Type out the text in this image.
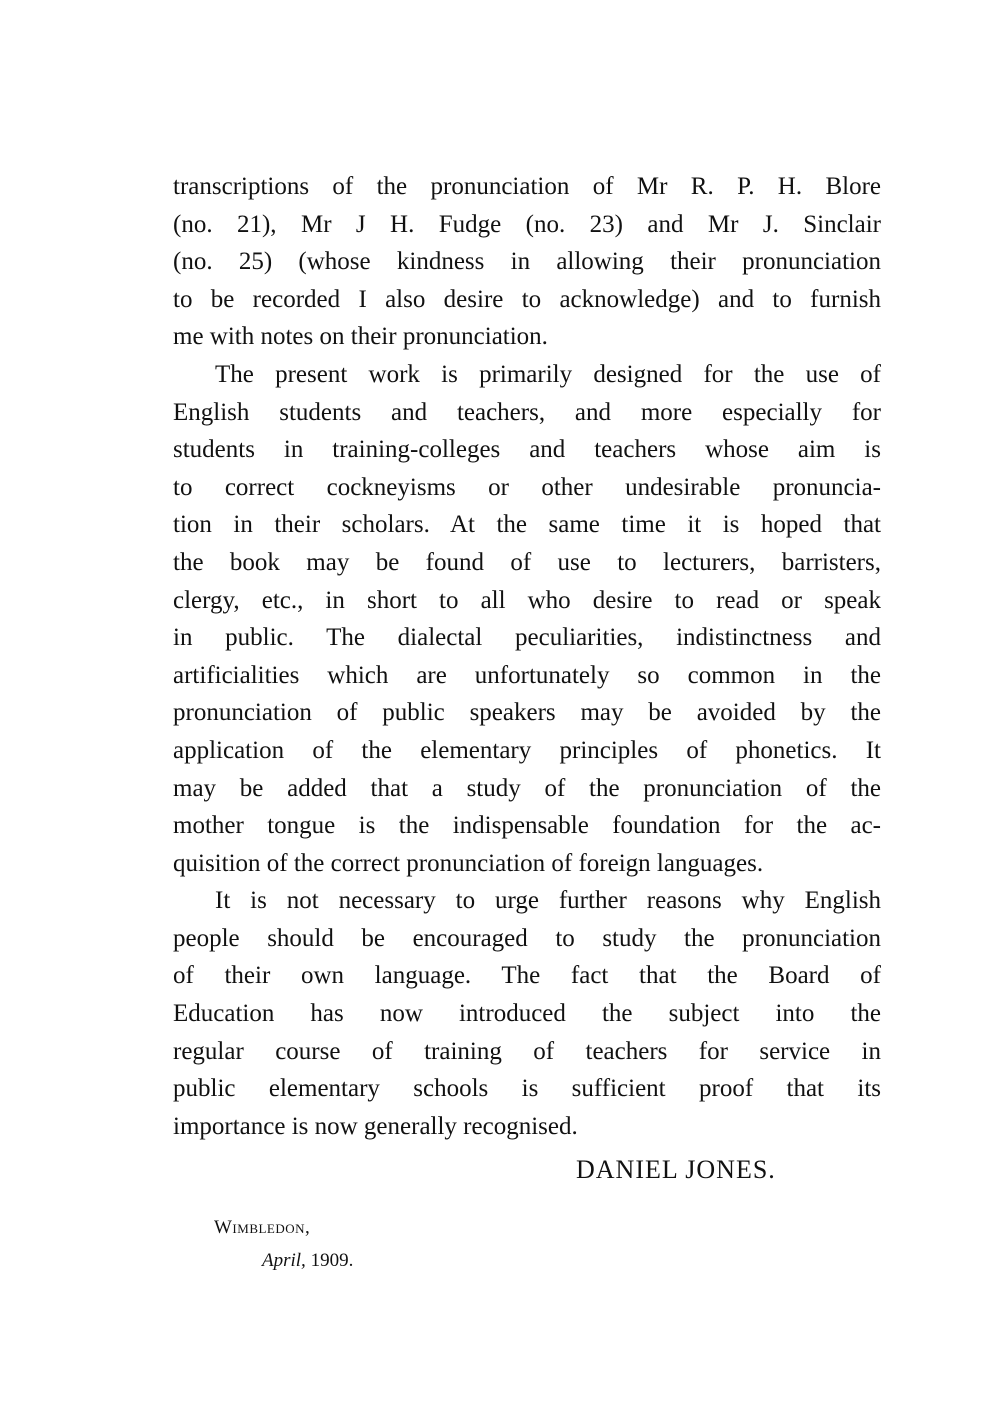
transcriptions of the pronunciation of Mr R. P. H. Blore
(no. 21), Mr J H. Fudge (no. 23) and Mr J. Sinclair
(no. 25) (whose kindness in allowing their pronunciation
to be recorded I also desire to acknowledge) and to furnish
me with notes on their pronunciation.

The present work is primarily designed for the use of
English students and teachers, and more especially for
students in training-colleges and teachers whose aim is
to correct cockneyisms or other undesirable pronuncia-
tion in their scholars. At the same time it is hoped that
the book may be found of use to lecturers, barristers,
clergy, etc., in short to all who desire to read or speak
in public. The dialectal peculiarities, indistinctness and
artificialities which are unfortunately so common in the
pronunciation of public speakers may be avoided by the
application of the elementary principles of phonetics. It
may be added that a study of the pronunciation of the
mother tongue is the indispensable foundation for the ac-
quisition of the correct pronunciation of foreign languages.

It is not necessary to urge further reasons why English
people should be encouraged to study the pronunciation
of their own language. The fact that the Board of
Education has now introduced the subject into the
regular course of training of teachers for service in
public elementary schools is sufficient proof that its
importance is now generally recognised.

DANIEL JONES.
Wimbledon,
April, 1909.
